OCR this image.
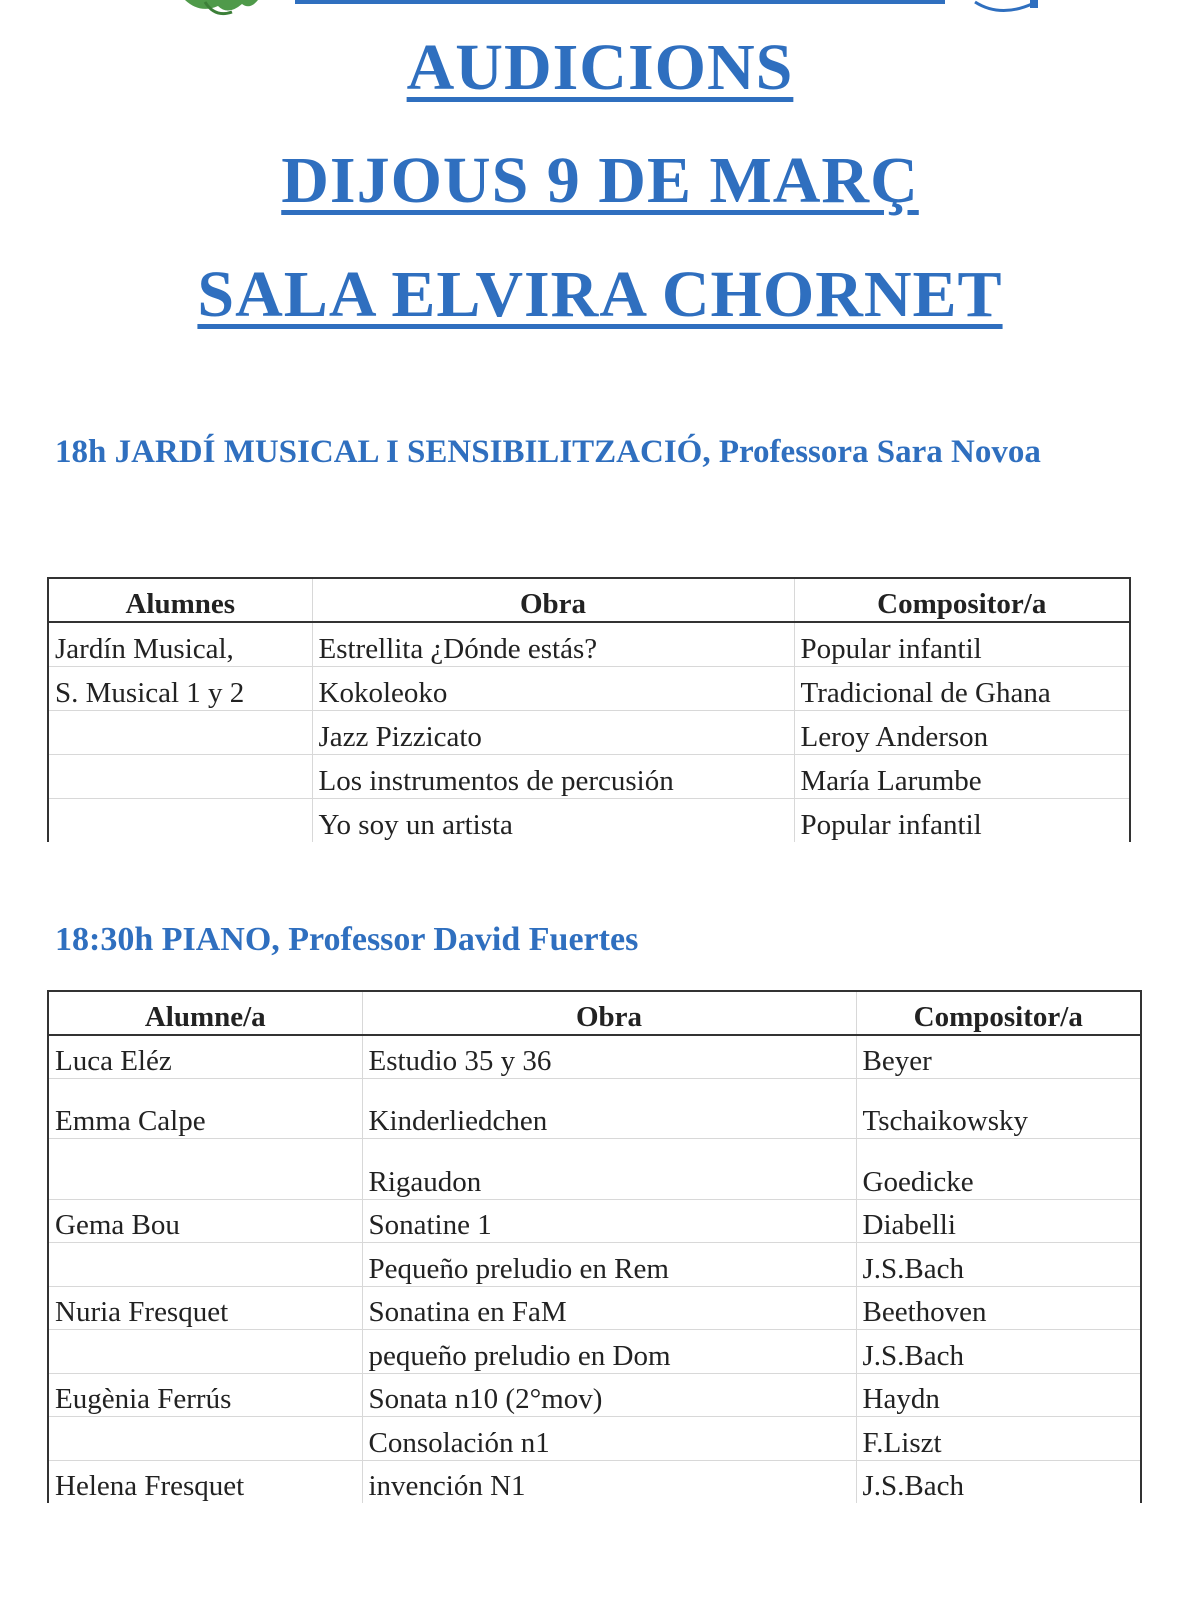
AUDICIONS
DIJOUS 9 DE MARÇ
SALA ELVIRA CHORNET
18h JARDÍ MUSICAL I SENSIBILITZACIÓ, Professora Sara Novoa
Alumnes	Obra	Compositor/a
Jardín Musical,	Estrellita ¿Dónde estás?	Popular infantil
S. Musical 1 y 2	Kokoleoko	Tradicional de Ghana
	Jazz Pizzicato	Leroy Anderson
	Los instrumentos de percusión	María Larumbe
	Yo soy un artista	Popular infantil
18:30h PIANO, Professor David Fuertes
Alumne/a	Obra	Compositor/a
Luca Eléz	Estudio 35 y 36	Beyer
Emma Calpe	Kinderliedchen	Tschaikowsky
	Rigaudon	Goedicke
Gema Bou	Sonatine 1	Diabelli
	Pequeño preludio en Rem	J.S.Bach
Nuria Fresquet	Sonatina en FaM	Beethoven
	pequeño preludio en Dom	J.S.Bach
Eugènia Ferrús	Sonata n10 (2°mov)	Haydn
	Consolación n1	F.Liszt
Helena Fresquet	invención N1	J.S.Bach
